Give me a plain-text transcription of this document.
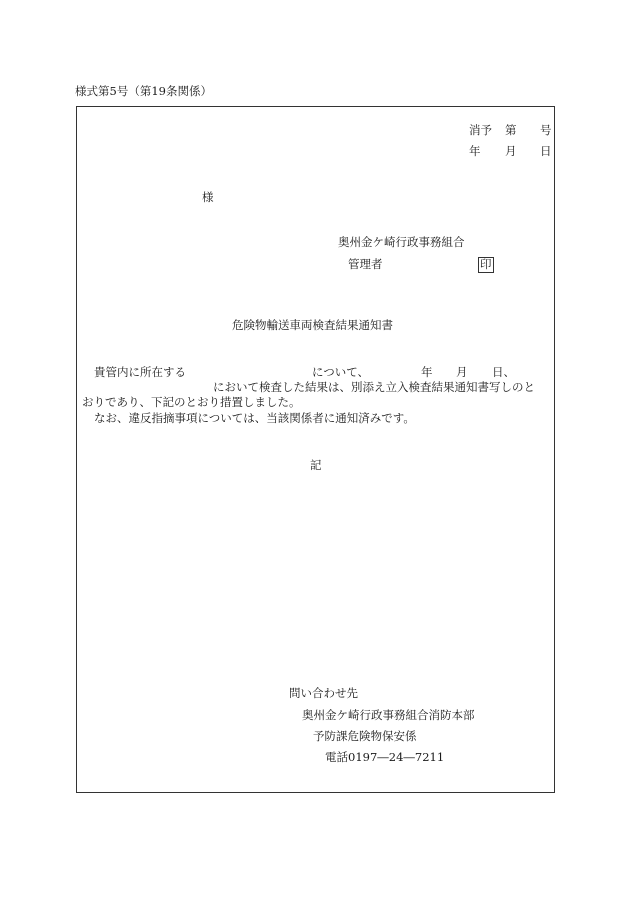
様式第5号（第19条関係）
消予 第 号
年 月 日
様
奥州金ケ崎行政事務組合
管理者	印
危険物輸送車両検査結果通知書
貴管内に所在する	について、	年 月 日、
において検査した結果は、別添え立入検査結果通知書写しのと
おりであり、下記のとおり措置しました。
なお、違反指摘事項については、当該関係者に通知済みです。
記
問い合わせ先
奥州金ケ崎行政事務組合消防本部
予防課危険物保安係
電話0197―24―7211
